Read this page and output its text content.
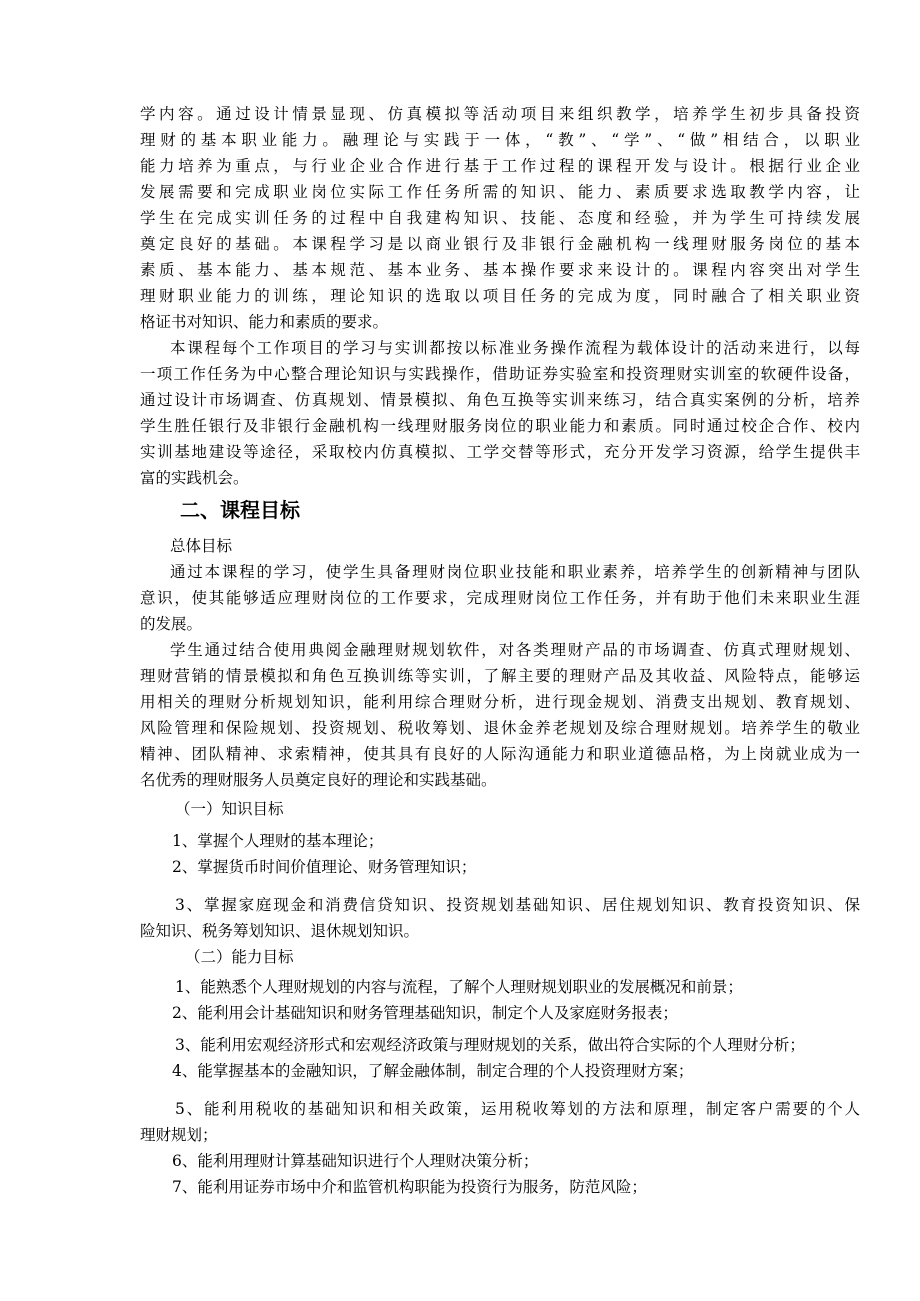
学内容。通过设计情景显现、仿真模拟等活动项目来组织教学，培养学生初步具备投资
理财的基本职业能力。融理论与实践于一体，“教”、“学”、“做”相结合，以职业
能力培养为重点，与行业企业合作进行基于工作过程的课程开发与设计。根据行业企业
发展需要和完成职业岗位实际工作任务所需的知识、能力、素质要求选取教学内容，让
学生在完成实训任务的过程中自我建构知识、技能、态度和经验，并为学生可持续发展
奠定良好的基础。本课程学习是以商业银行及非银行金融机构一线理财服务岗位的基本
素质、基本能力、基本规范、基本业务、基本操作要求来设计的。课程内容突出对学生
理财职业能力的训练，理论知识的选取以项目任务的完成为度，同时融合了相关职业资
格证书对知识、能力和素质的要求。
本课程每个工作项目的学习与实训都按以标准业务操作流程为载体设计的活动来进行，以每
一项工作任务为中心整合理论知识与实践操作，借助证券实验室和投资理财实训室的软硬件设备，
通过设计市场调查、仿真规划、情景模拟、角色互换等实训来练习，结合真实案例的分析，培养
学生胜任银行及非银行金融机构一线理财服务岗位的职业能力和素质。同时通过校企合作、校内
实训基地建设等途径，采取校内仿真模拟、工学交替等形式，充分开发学习资源，给学生提供丰
富的实践机会。
二、课程目标
总体目标
通过本课程的学习，使学生具备理财岗位职业技能和职业素养，培养学生的创新精神与团队
意识，使其能够适应理财岗位的工作要求，完成理财岗位工作任务，并有助于他们未来职业生涯
的发展。
学生通过结合使用典阅金融理财规划软件，对各类理财产品的市场调查、仿真式理财规划、
理财营销的情景模拟和角色互换训练等实训，了解主要的理财产品及其收益、风险特点，能够运
用相关的理财分析规划知识，能利用综合理财分析，进行现金规划、消费支出规划、教育规划、
风险管理和保险规划、投资规划、税收筹划、退休金养老规划及综合理财规划。培养学生的敬业
精神、团队精神、求索精神，使其具有良好的人际沟通能力和职业道德品格，为上岗就业成为一
名优秀的理财服务人员奠定良好的理论和实践基础。
（一）知识目标
1、掌握个人理财的基本理论；
2、掌握货币时间价值理论、财务管理知识；
3、掌握家庭现金和消费信贷知识、投资规划基础知识、居住规划知识、教育投资知识、保
险知识、税务筹划知识、退休规划知识。
（二）能力目标
1、能熟悉个人理财规划的内容与流程，了解个人理财规划职业的发展概况和前景；
2、能利用会计基础知识和财务管理基础知识，制定个人及家庭财务报表；
3、能利用宏观经济形式和宏观经济政策与理财规划的关系，做出符合实际的个人理财分析；
4、能掌握基本的金融知识，了解金融体制，制定合理的个人投资理财方案；
5、能利用税收的基础知识和相关政策，运用税收筹划的方法和原理，制定客户需要的个人
理财规划；
6、能利用理财计算基础知识进行个人理财决策分析；
7、能利用证券市场中介和监管机构职能为投资行为服务，防范风险；
